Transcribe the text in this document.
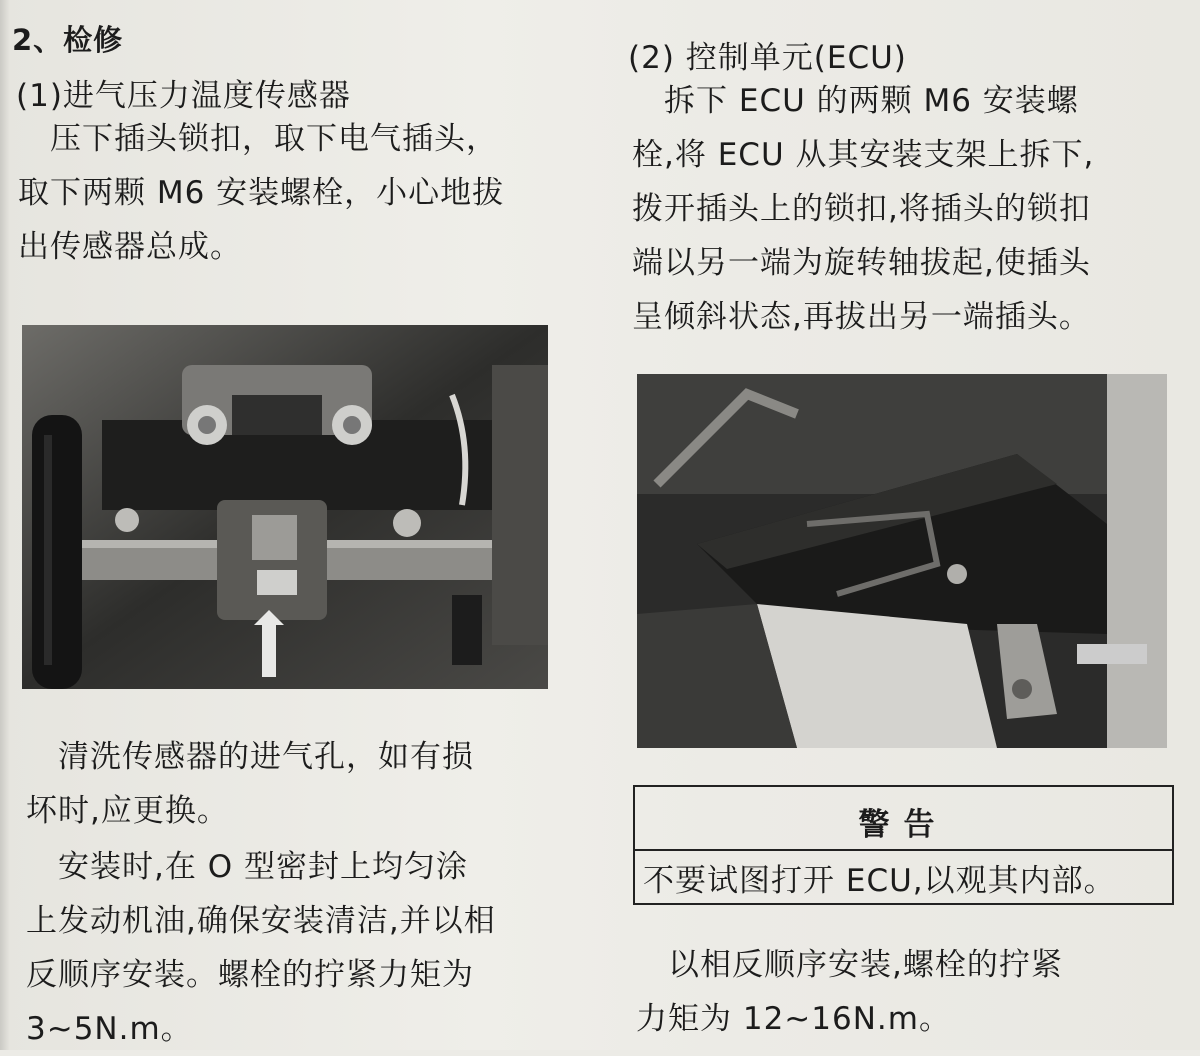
2、检修
(1)进气压力温度传感器
　压下插头锁扣，取下电气插头，
取下两颗 M6 安装螺栓，小心地拔
出传感器总成。
　清洗传感器的进气孔，如有损
坏时,应更换。
　安装时,在 O 型密封上均匀涂
上发动机油,确保安装清洁,并以相
反顺序安装。螺栓的拧紧力矩为
3~5N.m。
(2) 控制单元(ECU)
　拆下 ECU 的两颗 M6 安装螺
栓,将 ECU 从其安装支架上拆下,
拨开插头上的锁扣,将插头的锁扣
端以另一端为旋转轴拔起,使插头
呈倾斜状态,再拔出另一端插头。
警告
不要试图打开 ECU,以观其内部。
　以相反顺序安装,螺栓的拧紧
力矩为 12~16N.m。
